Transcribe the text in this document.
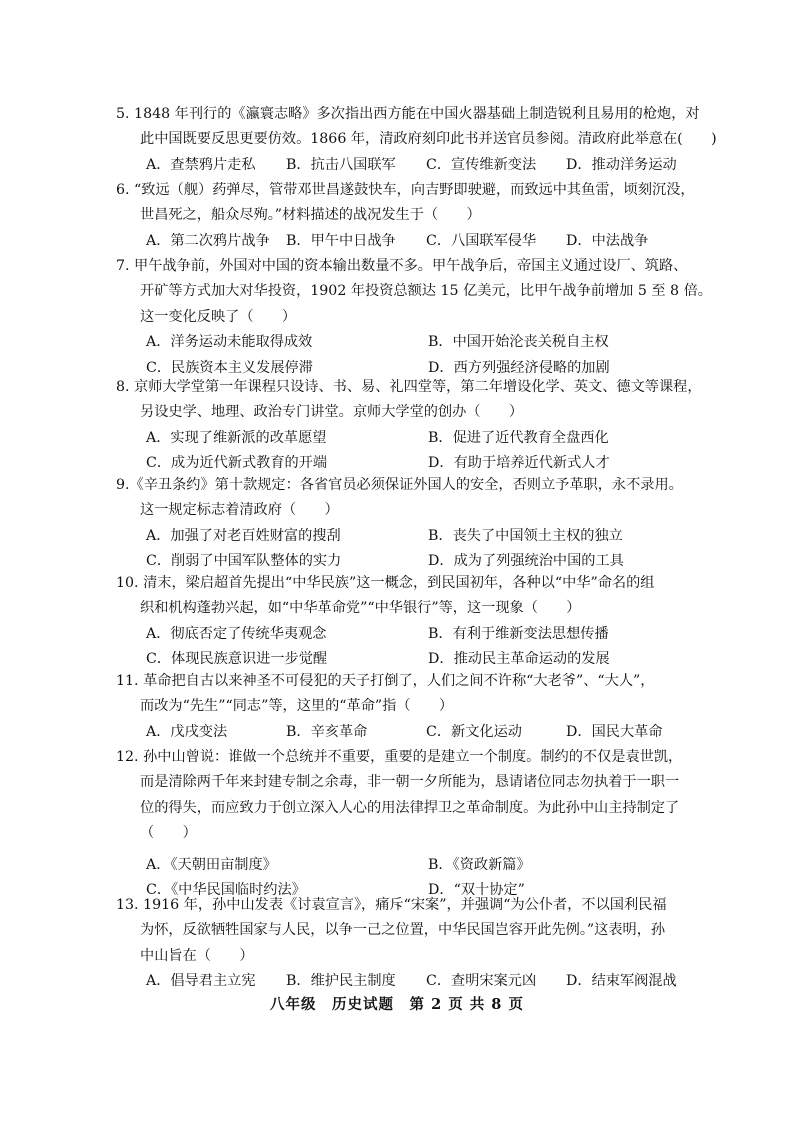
5. 1848 年刊行的《瀛寰志略》多次指出西方能在中国火器基础上制造锐利且易用的枪炮，对
此中国既要反思更要仿效。1866 年，清政府刻印此书并送官员参阅。清政府此举意在(　　)
A．查禁鸦片走私	B．抗击八国联军	C．宣传维新变法	D．推动洋务运动
6. “致远（舰）药弹尽，管带邓世昌遂鼓快车，向吉野即驶避，而致远中其鱼雷，顷刻沉没，
世昌死之，船众尽殉。”材料描述的战况发生于（　　）
A．第二次鸦片战争	B．甲午中日战争	C．八国联军侵华	D．中法战争
7. 甲午战争前，外国对中国的资本输出数量不多。甲午战争后，帝国主义通过设厂、筑路、
开矿等方式加大对华投资，1902 年投资总额达 15 亿美元，比甲午战争前增加 5 至 8 倍。
这一变化反映了（　　）
A．洋务运动未能取得成效	B．中国开始沦丧关税自主权
C．民族资本主义发展停滞	D．西方列强经济侵略的加剧
8. 京师大学堂第一年课程只设诗、书、易、礼四堂等，第二年增设化学、英文、德文等课程，
另设史学、地理、政治专门讲堂。京师大学堂的创办（　　）
A．实现了维新派的改革愿望	B．促进了近代教育全盘西化
C．成为近代新式教育的开端	D．有助于培养近代新式人才
9.《辛丑条约》第十款规定：各省官员必须保证外国人的安全，否则立予革职，永不录用。
这一规定标志着清政府（　　）
A．加强了对老百姓财富的搜刮	B．丧失了中国领土主权的独立
C．削弱了中国军队整体的实力	D．成为了列强统治中国的工具
10. 清末，梁启超首先提出“中华民族”这一概念，到民国初年，各种以“中华”命名的组
织和机构蓬勃兴起，如“中华革命党”“中华银行”等，这一现象（　　）
A．彻底否定了传统华夷观念	B．有利于维新变法思想传播
C．体现民族意识进一步觉醒	D．推动民主革命运动的发展
11. 革命把自古以来神圣不可侵犯的天子打倒了，人们之间不许称“大老爷”、“大人”，
而改为“先生”“同志”等，这里的“革命”指（　　）
A．戊戌变法	B．辛亥革命	C．新文化运动	D．国民大革命
12. 孙中山曾说：谁做一个总统并不重要，重要的是建立一个制度。制约的不仅是袁世凯，
而是清除两千年来封建专制之余毒，非一朝一夕所能为，恳请诸位同志勿执着于一职一
位的得失，而应致力于创立深入人心的用法律捍卫之革命制度。为此孙中山主持制定了
（　　）
A．《天朝田亩制度》	B．《资政新篇》
C．《中华民国临时约法》	D．“双十协定”
13. 1916 年，孙中山发表《讨袁宣言》，痛斥“宋案”，并强调“为公仆者，不以国利民福
为怀，反欲牺牲国家与人民，以争一己之位置，中华民国岂容开此先例。”这表明，孙
中山旨在（　　）
A．倡导君主立宪	B．维护民主制度	C．查明宋案元凶	D．结束军阀混战
八年级　历史试题　第 2 页 共 8 页
